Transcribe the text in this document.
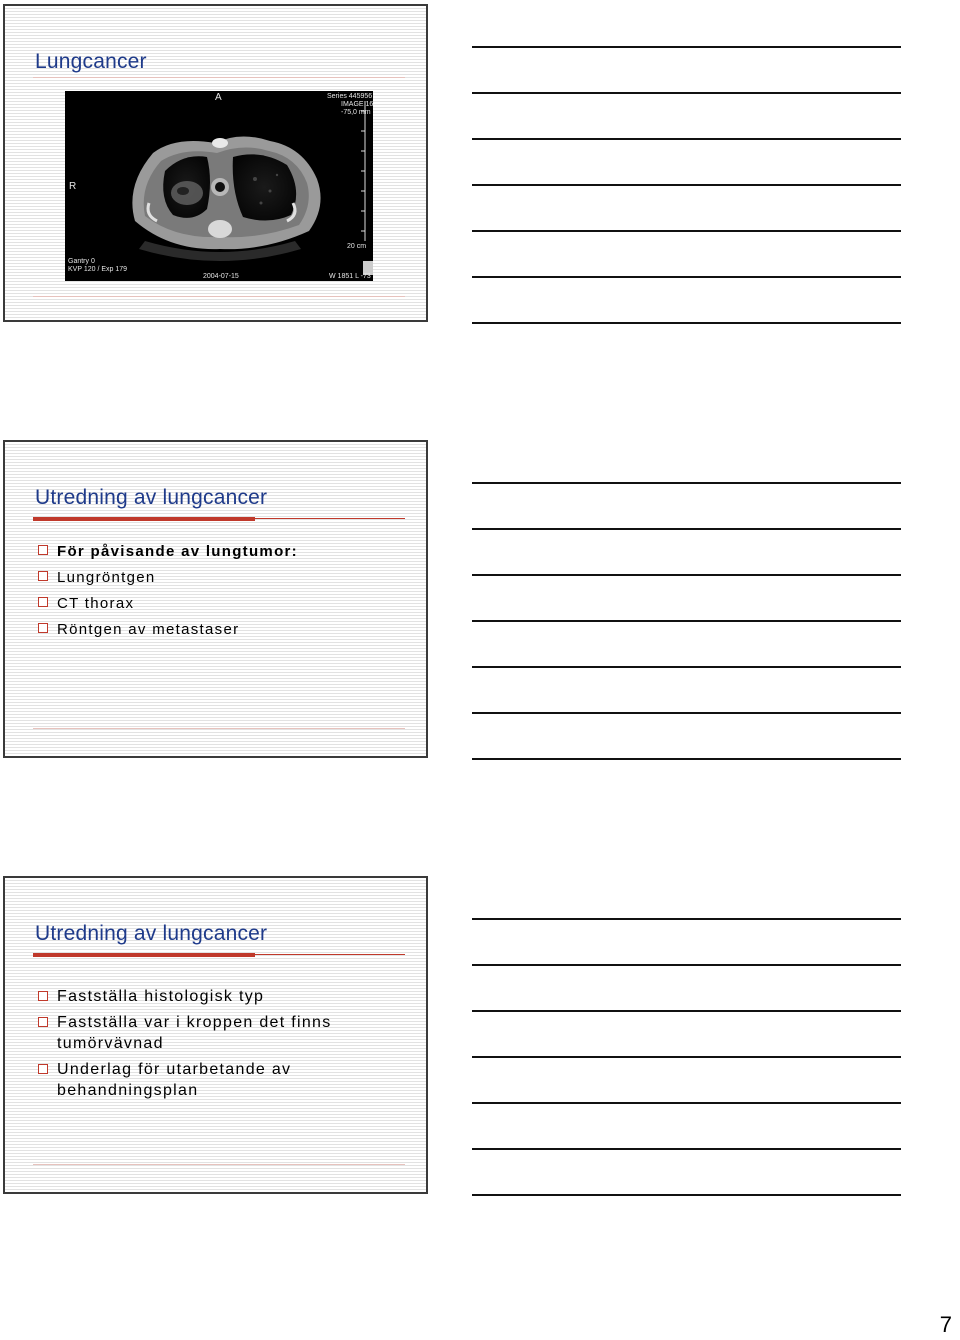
Lungcancer
A
R
Series 445956
IMAGE 16
-75,0 mm
20 cm
Gantry 0
KVP 120 / Exp 179
2004-07-15	W 1851 L -73
Utredning av lungcancer
För påvisande av lungtumor:
Lungröntgen
CT thorax
Röntgen av metastaser
Utredning av lungcancer
Fastställa histologisk typ
Fastställa var i kroppen det finns tumörvävnad
Underlag för utarbetande av behandningsplan
7
